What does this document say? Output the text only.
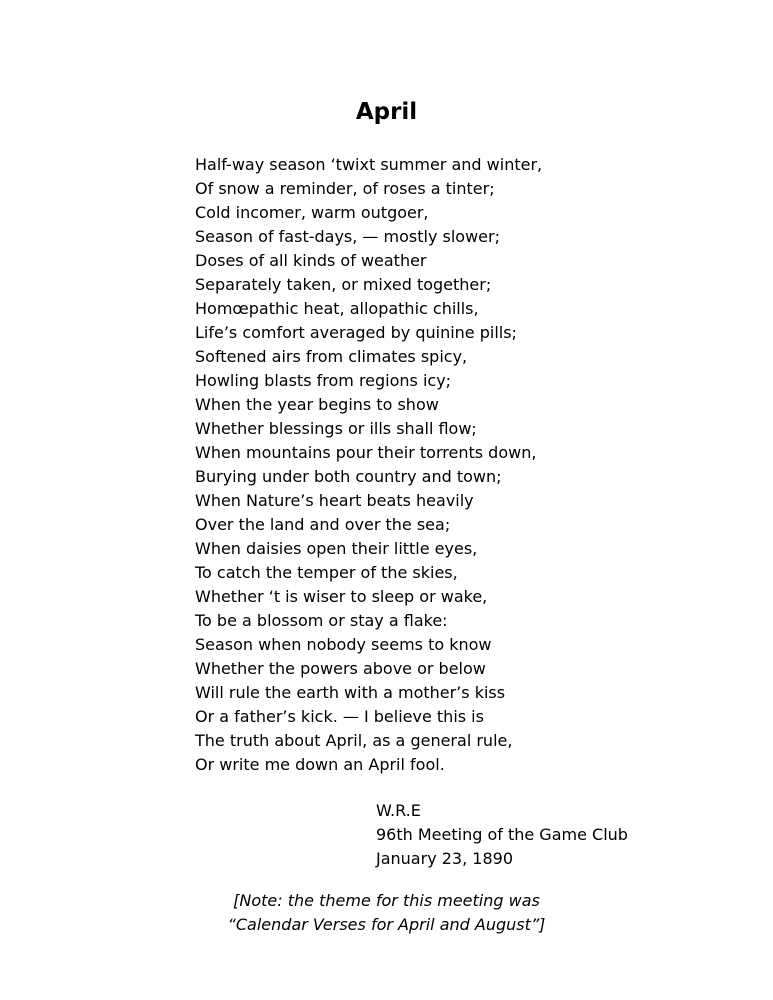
April
Half-way season ‘twixt summer and winter,
Of snow a reminder, of roses a tinter;
Cold incomer, warm outgoer,
Season of fast-days, — mostly slower;
Doses of all kinds of weather
Separately taken, or mixed together;
Homœpathic heat, allopathic chills,
Life’s comfort averaged by quinine pills;
Softened airs from climates spicy,
Howling blasts from regions icy;
When the year begins to show
Whether blessings or ills shall flow;
When mountains pour their torrents down,
Burying under both country and town;
When Nature’s heart beats heavily
Over the land and over the sea;
When daisies open their little eyes,
To catch the temper of the skies,
Whether ‘t is wiser to sleep or wake,
To be a blossom or stay a flake:
Season when nobody seems to know
Whether the powers above or below
Will rule the earth with a mother’s kiss
Or a father’s kick. — I believe this is
The truth about April, as a general rule,
Or write me down an April fool.
W.R.E
96th Meeting of the Game Club
January 23, 1890
[Note: the theme for this meeting was
“Calendar Verses for April and August”]
